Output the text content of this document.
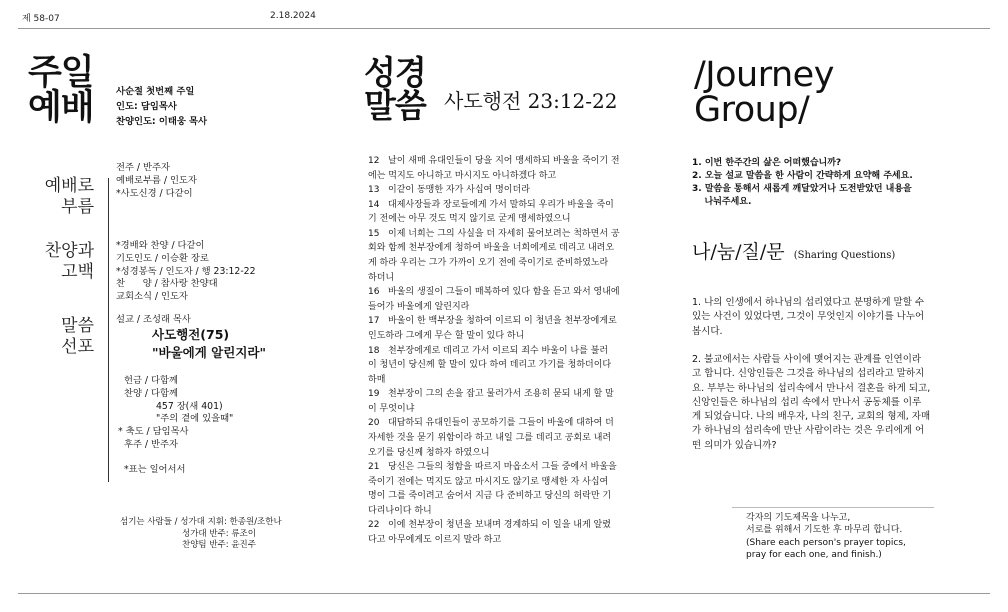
제 58-07	2.18.2024
주일
예배 사순절 첫번째 주일
인도: 담임목사
찬양인도: 이태웅 목사
예배로
부름
찬양과
고백
말씀
선포
전주 / 반주자
예배로부름 / 인도자
*사도신경 / 다같이
*경배와 찬양 / 다같이
기도인도 / 이승환 장로
*성경봉독 / 인도자 / 행 23:12-22
찬      양 / 참사랑 찬양대
교회소식 / 인도자
설교 / 조성래 목사
사도행전(75)
"바울에게 알린지라"
헌금 / 다함께
찬양 / 다함께
457 장(새 401)
"주의 곁에 있을때"
* 축도 / 담임목사
후주 / 반주자
*표는 일어서서
섬기는 사람들 / 성가대 지휘: 한종원/조한나
성가대 반주: 류조이
찬양팀 반주: 윤진주
성경
말씀 사도행전 23:12-22
12   날이 새매 유대인들이 당을 지어 맹세하되 바울을 죽이기 전
에는 먹지도 아니하고 마시지도 아니하겠다 하고
13   이같이 동맹한 자가 사십여 명이더라
14   대제사장들과 장로들에게 가서 말하되 우리가 바울을 죽이
기 전에는 아무 것도 먹지 않기로 굳게 맹세하였으니
15   이제 너희는 그의 사실을 더 자세히 물어보려는 척하면서 공
회와 함께 천부장에게 청하여 바울을 너희에게로 데리고 내려오
게 하라 우리는 그가 가까이 오기 전에 죽이기로 준비하였노라
하더니
16   바울의 생질이 그들이 매복하여 있다 함을 듣고 와서 영내에
들어가 바울에게 알린지라
17   바울이 한 백부장을 청하여 이르되 이 청년을 천부장에게로
인도하라 그에게 무슨 할 말이 있다 하니
18   천부장에게로 데리고 가서 이르되 죄수 바울이 나를 불러
이 청년이 당신께 할 말이 있다 하여 데리고 가기를 청하더이다
하매
19   천부장이 그의 손을 잡고 물러가서 조용히 묻되 내게 할 말
이 무엇이냐
20   대답하되 유대인들이 공모하기를 그들이 바울에 대하여 더
자세한 것을 묻기 위함이라 하고 내일 그를 데리고 공회로 내려
오기를 당신께 청하자 하였으니
21   당신은 그들의 청함을 따르지 마옵소서 그들 중에서 바울을
죽이기 전에는 먹지도 않고 마시지도 않기로 맹세한 자 사십여
명이 그를 죽이려고 숨어서 지금 다 준비하고 당신의 허락만 기
다리나이다 하니
22   이에 천부장이 청년을 보내며 경계하되 이 일을 내게 알렸
다고 아무에게도 이르지 말라 하고
/Journey
Group/
1. 이번 한주간의 삶은 어떠했습니까?
2. 오늘 설교 말씀을 한 사람이 간략하게 요약해 주세요.
3. 말씀을 통해서 새롭게 깨달았거나 도전받았던 내용을
나눠주세요.
나/눔/질/문 (Sharing Questions)
1. 나의 인생에서 하나님의 섭리였다고 분명하게 말할 수
있는 사건이 있었다면, 그것이 무엇인지 이야기를 나누어
봅시다.
2. 불교에서는 사람들 사이에 맺어지는 관계를 인연이라
고 합니다. 신앙인들은 그것을 하나님의 섭리라고 말하지
요. 부부는 하나님의 섭리속에서 만나서 결혼을 하게 되고,
신앙인들은 하나님의 섭리 속에서 만나서 공동체를 이루
게 되었습니다. 나의 배우자, 나의 친구, 교회의 형제, 자매
가 하나님의 섭리속에 만난 사람이라는 것은 우리에게 어
떤 의미가 있습니까?
각자의 기도제목을 나누고,
서로를 위해서 기도한 후 마무리 합니다.
(Share each person's prayer topics,
pray for each one, and finish.)
